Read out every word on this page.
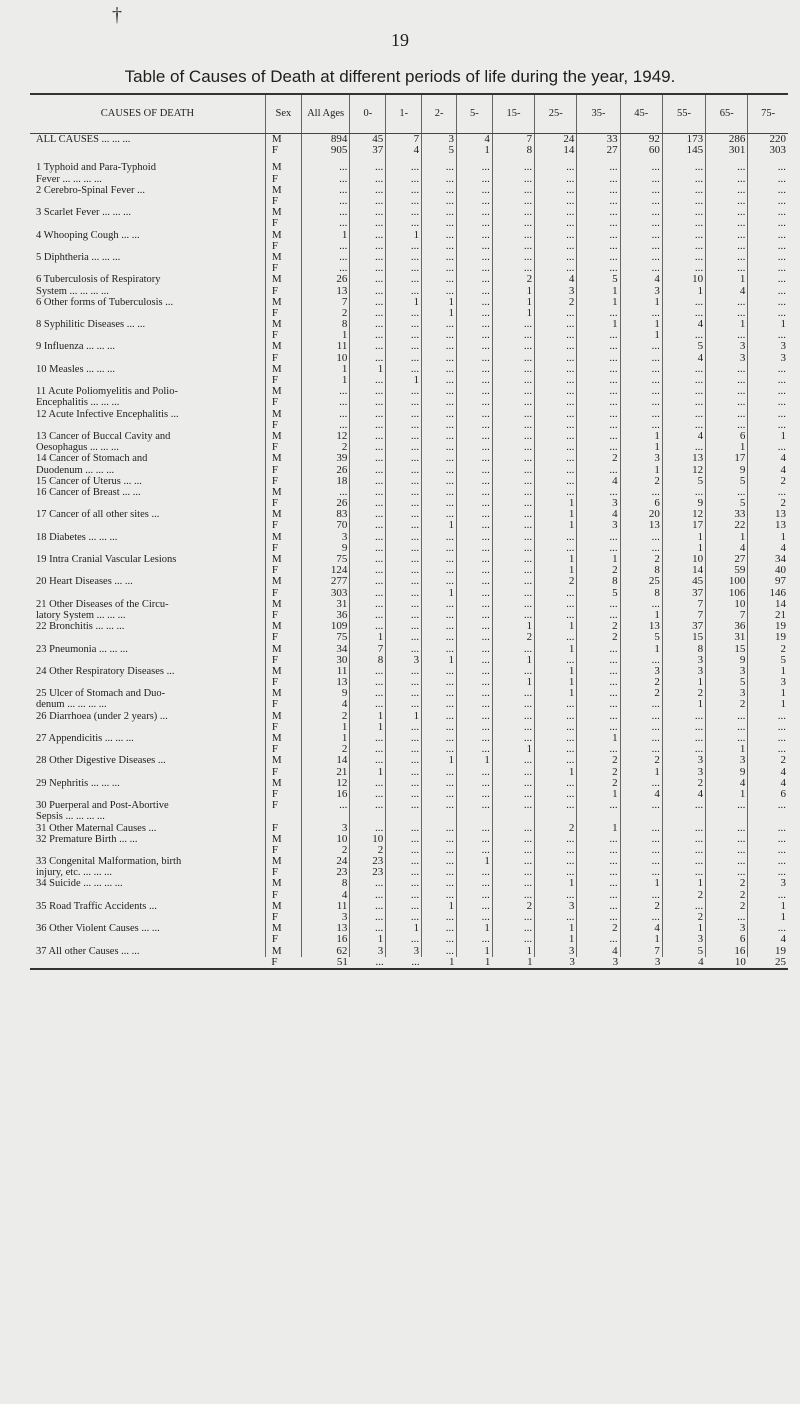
†
19
Table of Causes of Death at different periods of life during the year, 1949.
CAUSES OF DEATH	Sex	All Ages	0-	1-	2-	5-	15-	25-	35-	45-	55-	65-	75-
ALL CAUSES ... ... ...	M	894	45	7	3	4	7	24	33	92	173	286	220
	F	905	37	4	5	1	8	14	27	60	145	301	303

1 Typhoid and Para-Typhoid	M	...	...	...	...	...	...	...	...	...	...	...	...
Fever ... ... ... ...	F	...	...	...	...	...	...	...	...	...	...	...	...
2 Cerebro-Spinal Fever ...	M	...	...	...	...	...	...	...	...	...	...	...	...
	F	...	...	...	...	...	...	...	...	...	...	...	...
3 Scarlet Fever ... ... ...	M	...	...	...	...	...	...	...	...	...	...	...	...
	F	...	...	...	...	...	...	...	...	...	...	...	...
4 Whooping Cough ... ...	M	1	...	1	...	...	...	...	...	...	...	...	...
	F	...	...	...	...	...	...	...	...	...	...	...	...
5 Diphtheria ... ... ...	M	...	...	...	...	...	...	...	...	...	...	...	...
	F	...	...	...	...	...	...	...	...	...	...	...	...
6 Tuberculosis of Respiratory	M	26	...	...	...	...	2	4	5	4	10	1	...
System ... ... ... ...	F	13	...	...	...	...	1	3	1	3	1	4	...
6 Other forms of Tuberculosis ...	M	7	...	1	1	...	1	2	1	1	...	...	...
	F	2	...	...	1	...	1	...	...	...	...	...	...
8 Syphilitic Diseases ... ...	M	8	...	...	...	...	...	...	1	1	4	1	1
	F	1	...	...	...	...	...	...	...	1	...	...	...
9 Influenza ... ... ...	M	11	...	...	...	...	...	...	...	...	5	3	3
	F	10	...	...	...	...	...	...	...	...	4	3	3
10 Measles ... ... ...	M	1	1	...	...	...	...	...	...	...	...	...	...
	F	1	...	1	...	...	...	...	...	...	...	...	...
11 Acute Poliomyelitis and Polio-	M	...	...	...	...	...	...	...	...	...	...	...	...
Encephalitis ... ... ...	F	...	...	...	...	...	...	...	...	...	...	...	...
12 Acute Infective Encephalitis ...	M	...	...	...	...	...	...	...	...	...	...	...	...
	F	...	...	...	...	...	...	...	...	...	...	...	...
13 Cancer of Buccal Cavity and	M	12	...	...	...	...	...	...	...	1	4	6	1
Oesophagus ... ... ...	F	2	...	...	...	...	...	...	...	1	...	1	...
14 Cancer of Stomach and	M	39	...	...	...	...	...	...	2	3	13	17	4
Duodenum ... ... ...	F	26	...	...	...	...	...	...	...	1	12	9	4
15 Cancer of Uterus ... ...	F	18	...	...	...	...	...	...	4	2	5	5	2
16 Cancer of Breast ... ...	M	...	...	...	...	...	...	...	...	...	...	...	...
	F	26	...	...	...	...	...	1	3	6	9	5	2
17 Cancer of all other sites ...	M	83	...	...	...	...	...	1	4	20	12	33	13
	F	70	...	...	1	...	...	1	3	13	17	22	13
18 Diabetes ... ... ...	M	3	...	...	...	...	...	...	...	...	1	1	1
	F	9	...	...	...	...	...	...	...	...	1	4	4
19 Intra Cranial Vascular Lesions	M	75	...	...	...	...	...	1	1	2	10	27	34
	F	124	...	...	...	...	...	1	2	8	14	59	40
20 Heart Diseases ... ...	M	277	...	...	...	...	...	2	8	25	45	100	97
	F	303	...	...	1	...	...	...	5	8	37	106	146
21 Other Diseases of the Circu-	M	31	...	...	...	...	...	...	...	...	7	10	14
latory System ... ... ...	F	36	...	...	...	...	...	...	...	1	7	7	21
22 Bronchitis ... ... ...	M	109	...	...	...	...	1	1	2	13	37	36	19
	F	75	1	...	...	...	2	...	2	5	15	31	19
23 Pneumonia ... ... ...	M	34	7	...	...	...	...	1	...	1	8	15	2
	F	30	8	3	1	...	1	...	...	...	3	9	5
24 Other Respiratory Diseases ...	M	11	...	...	...	...	...	1	...	3	3	3	1
	F	13	...	...	...	...	1	1	...	2	1	5	3
25 Ulcer of Stomach and Duo-	M	9	...	...	...	...	...	1	...	2	2	3	1
denum ... ... ... ...	F	4	...	...	...	...	...	...	...	...	1	2	1
26 Diarrhoea (under 2 years) ...	M	2	1	1	...	...	...	...	...	...	...	...	...
	F	1	1	...	...	...	...	...	...	...	...	...	...
27 Appendicitis ... ... ...	M	1	...	...	...	...	...	...	1	...	...	...	...
	F	2	...	...	...	...	1	...	...	...	...	1	...
28 Other Digestive Diseases ...	M	14	...	...	1	1	...	...	2	2	3	3	2
	F	21	1	...	...	...	...	1	2	1	3	9	4
29 Nephritis ... ... ...	M	12	...	...	...	...	...	...	2	...	2	4	4
	F	16	...	...	...	...	...	...	1	4	4	1	6
30 Puerperal and Post-Abortive	F	...	...	...	...	...	...	...	...	...	...	...	...
Sepsis ... ... ... ...													
31 Other Maternal Causes ...	F	3	...	...	...	...	...	2	1	...	...	...	...
32 Premature Birth ... ...	M	10	10	...	...	...	...	...	...	...	...	...	...
	F	2	2	...	...	...	...	...	...	...	...	...	...
33 Congenital Malformation, birth	M	24	23	...	...	1	...	...	...	...	...	...	...
injury, etc. ... ... ...	F	23	23	...	...	...	...	...	...	...	...	...	...
34 Suicide ... ... ... ...	M	8	...	...	...	...	...	1	...	1	1	2	3
	F	4	...	...	...	...	...	...	...	...	2	2	...
35 Road Traffic Accidents ...	M	11	...	...	1	...	2	3	...	2	...	2	1
	F	3	...	...	...	...	...	...	...	...	2	...	1
36 Other Violent Causes ... ...	M	13	...	1	...	1	...	1	2	4	1	3	...
	F	16	1	...	...	...	...	1	...	1	3	6	4
37 All other Causes ... ...	M	62	3	3	...	1	1	3	4	7	5	16	19
	F	51	...	...	1	1	1	3	3	3	4	10	25
